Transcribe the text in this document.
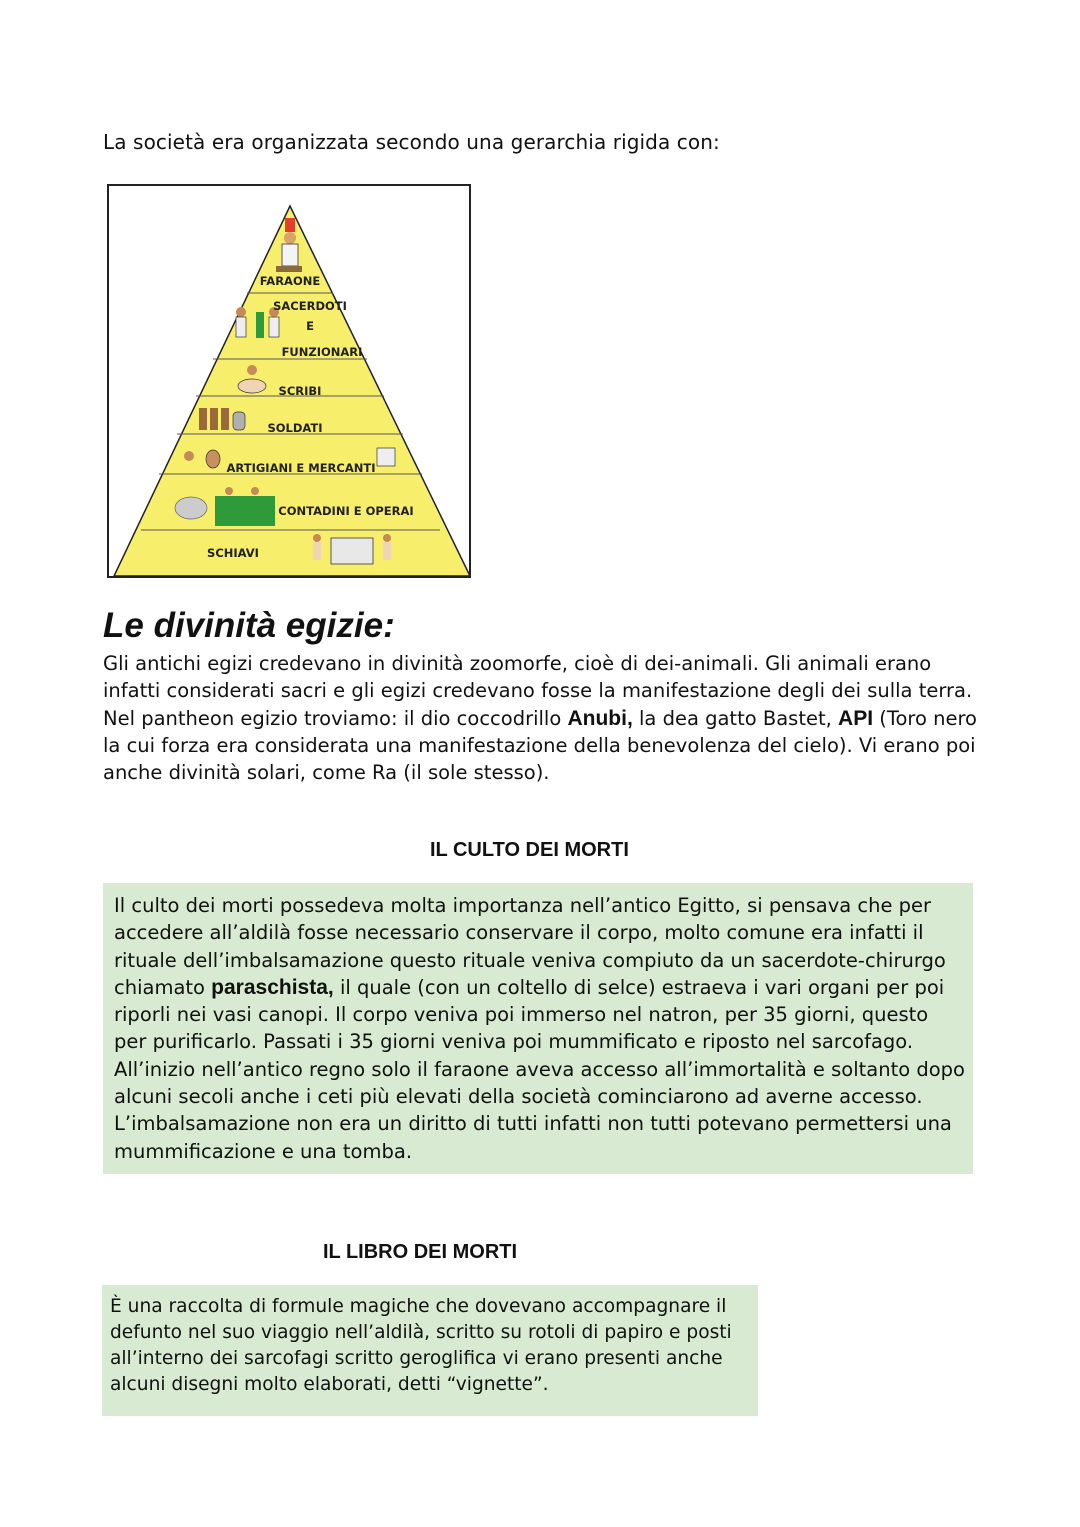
La società era organizzata secondo una gerarchia rigida con:
FARAONE
SACERDOTI
E
FUNZIONARI
SCRIBI
SOLDATI
ARTIGIANI E MERCANTI
CONTADINI E OPERAI
SCHIAVI
Le divinità egizie:
Gli antichi egizi credevano in divinità zoomorfe, cioè di dei-animali. Gli animali erano infatti considerati sacri e gli egizi credevano fosse la manifestazione degli dei sulla terra.
Nel pantheon egizio troviamo: il dio coccodrillo Anubi, la dea gatto Bastet, API (Toro nero la cui forza era considerata una manifestazione della benevolenza del cielo). Vi erano poi anche divinità solari, come Ra (il sole stesso).
IL CULTO DEI MORTI
Il culto dei morti possedeva molta importanza nell’antico Egitto, si pensava che per accedere all’aldilà fosse necessario conservare il corpo, molto comune era infatti il rituale dell’imbalsamazione questo rituale veniva compiuto da un sacerdote-chirurgo chiamato paraschista, il quale (con un coltello di selce) estraeva i vari organi per poi riporli nei vasi canopi. Il corpo veniva poi immerso nel natron, per 35 giorni, questo per purificarlo. Passati i 35 giorni veniva poi mummificato e riposto nel sarcofago.
All’inizio nell’antico regno solo il faraone aveva accesso all’immortalità e soltanto dopo alcuni secoli anche i ceti più elevati della società cominciarono ad averne accesso. L’imbalsamazione non era un diritto di tutti infatti non tutti potevano permettersi una mummificazione e una tomba.
IL LIBRO DEI MORTI
È una raccolta di formule magiche che dovevano accompagnare il defunto nel suo viaggio nell’aldilà, scritto su rotoli di papiro e posti all’interno dei sarcofagi scritto geroglifica vi erano presenti anche alcuni disegni molto elaborati, detti “vignette”.
